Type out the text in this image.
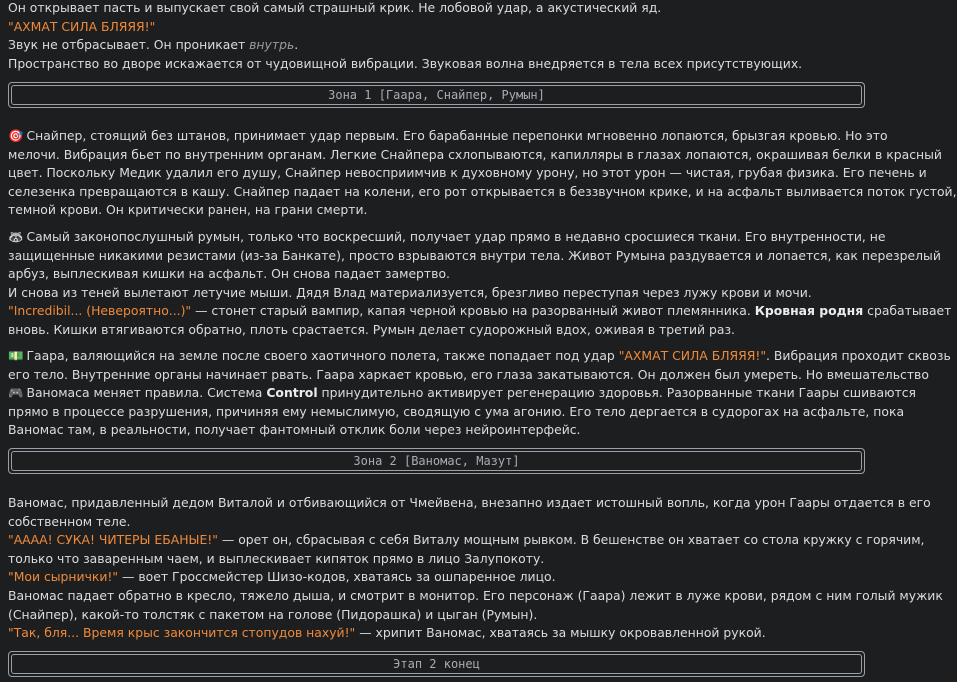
Он открывает пасть и выпускает свой самый страшный крик. Не лобовой удар, а акустический яд.

"АХМАТ СИЛА БЛЯЯЯ!"

Звук не отбрасывает. Он проникает внутрь.

Пространство во дворе искажается от чудовищной вибрации. Звуковая волна внедряется в тела всех присутствующих.

Зона 1 [Гаара, Снайпер, Румын]

🎯 Снайпер, стоящий без штанов, принимает удар первым. Его барабанные перепонки мгновенно лопаются, брызгая кровью. Но это

мелочи. Вибрация бьет по внутренним органам. Легкие Снайпера схлопываются, капилляры в глазах лопаются, окрашивая белки в красный

цвет. Поскольку Медик удалил его душу, Снайпер невосприимчив к духовному урону, но этот урон — чистая, грубая физика. Его печень и

селезенка превращаются в кашу. Снайпер падает на колени, его рот открывается в беззвучном крике, и на асфальт выливается поток густой,

темной крови. Он критически ранен, на грани смерти.

🦝 Самый законопослушный румын, только что воскресший, получает удар прямо в недавно сросшиеся ткани. Его внутренности, не

защищенные никакими резистами (из-за Банкате), просто взрываются внутри тела. Живот Румына раздувается и лопается, как перезрелый

арбуз, выплескивая кишки на асфальт. Он снова падает замертво.

И снова из теней вылетают летучие мыши. Дядя Влад материализуется, брезгливо переступая через лужу крови и мочи.

"Incredibil... (Невероятно...)" — стонет старый вампир, капая черной кровью на разорванный живот племянника. Кровная родня срабатывает

вновь. Кишки втягиваются обратно, плоть срастается. Румын делает судорожный вдох, оживая в третий раз.

💵 Гаара, валяющийся на земле после своего хаотичного полета, также попадает под удар "АХМАТ СИЛА БЛЯЯЯ!". Вибрация проходит сквозь

его тело. Внутренние органы начинает рвать. Гаара харкает кровью, его глаза закатываются. Он должен был умереть. Но вмешательство

🎮 Ваномаса меняет правила. Система Control принудительно активирует регенерацию здоровья. Разорванные ткани Гаары сшиваются

прямо в процессе разрушения, причиняя ему немыслимую, сводящую с ума агонию. Его тело дергается в судорогах на асфальте, пока

Ваномас там, в реальности, получает фантомный отклик боли через нейроинтерфейс.

Зона 2 [Ваномас, Мазут]

Ваномас, придавленный дедом Виталой и отбивающийся от Чмейвена, внезапно издает истошный вопль, когда урон Гаары отдается в его

собственном теле.

"АААА! СУКА! ЧИТЕРЫ ЕБАНЫЕ!" — орет он, сбрасывая с себя Виталу мощным рывком. В бешенстве он хватает со стола кружку с горячим,

только что заваренным чаем, и выплескивает кипяток прямо в лицо Залупокоту.

"Мои сырнички!" — воет Гроссмейстер Шизо-кодов, хватаясь за ошпаренное лицо.

Ваномас падает обратно в кресло, тяжело дыша, и смотрит в монитор. Его персонаж (Гаара) лежит в луже крови, рядом с ним голый мужик

(Снайпер), какой-то толстяк с пакетом на голове (Пидорашка) и цыган (Румын).

"Так, бля... Время крыс закончится стопудов нахуй!" — хрипит Ваномас, хватаясь за мышку окровавленной рукой.

Этап 2 конец
